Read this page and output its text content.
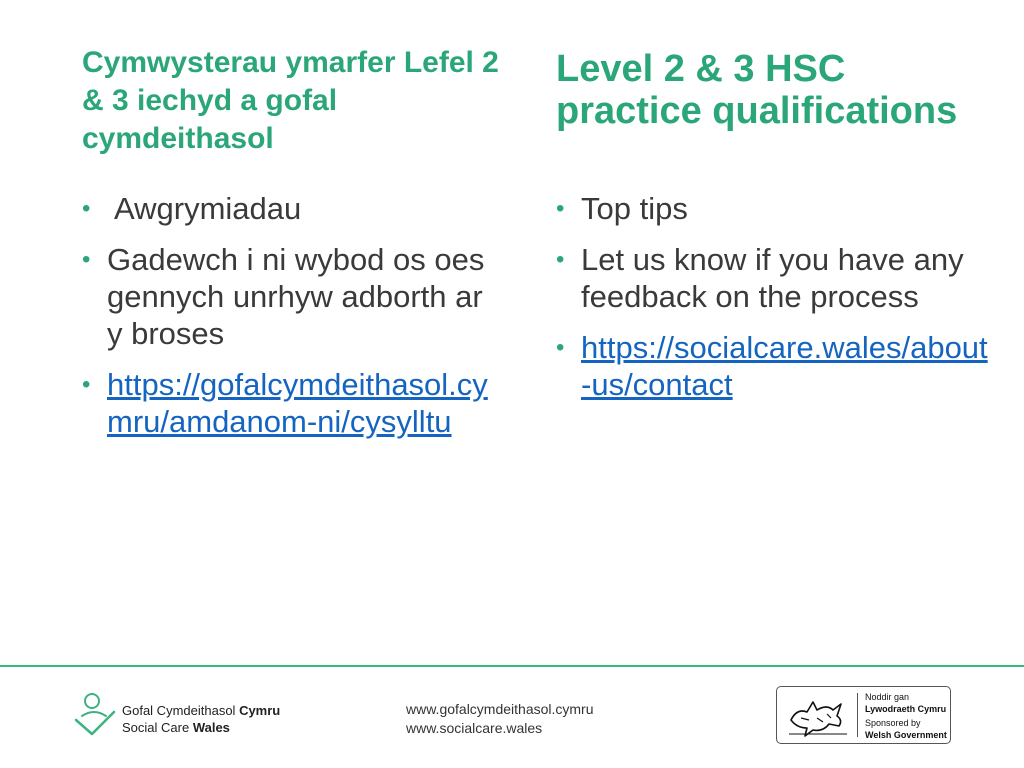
Cymwysterau ymarfer Lefel 2 & 3 iechyd a gofal cymdeithasol
• Awgrymiadau
• Gadewch i ni wybod os oes gennych unrhyw adborth ar y broses
• https://gofalcymdeithasol.cymru/amdanom-ni/cysylltu
Level 2 & 3 HSC practice qualifications
• Top tips
• Let us know if you have any feedback on the process
• https://socialcare.wales/about-us/contact
Gofal Cymdeithasol Cymru
Social Care Wales
www.gofalcymdeithasol.cymru
www.socialcare.wales
Noddir gan
Lywodraeth Cymru
Sponsored by
Welsh Government
